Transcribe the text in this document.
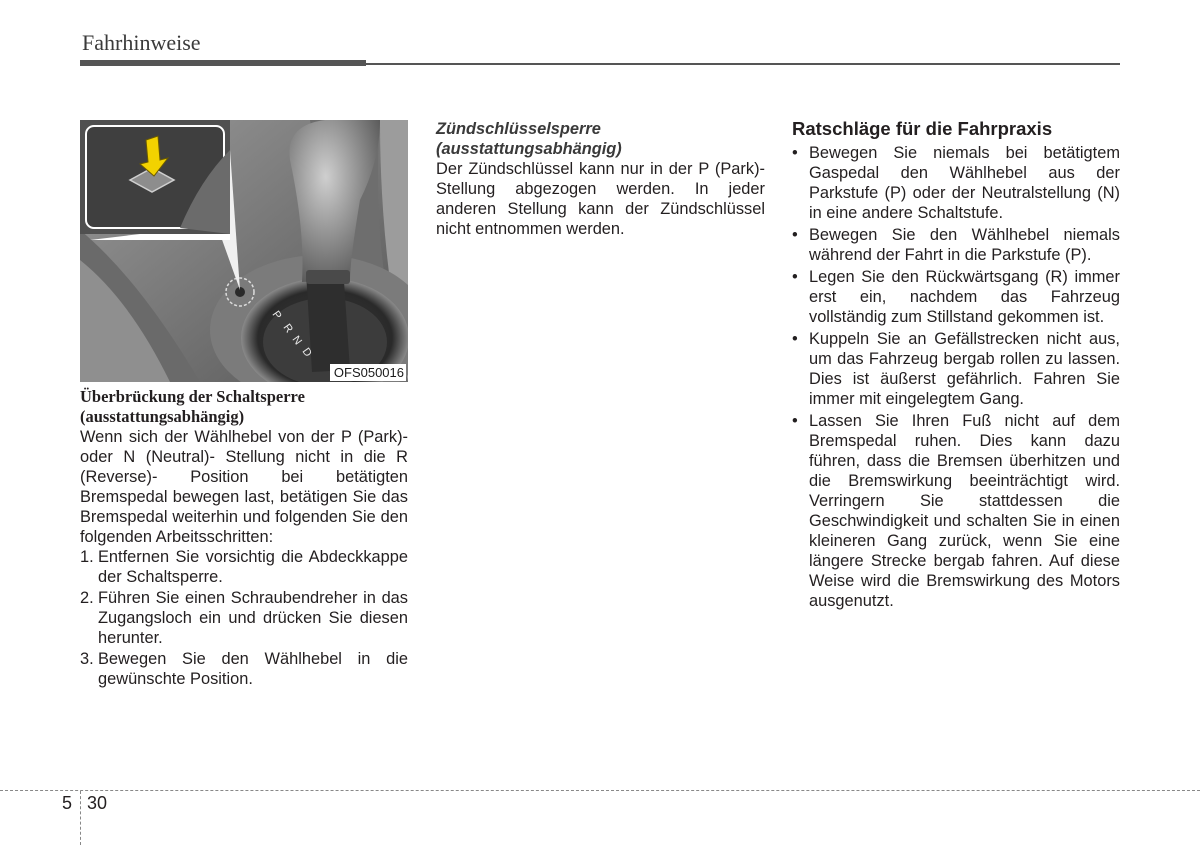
Fahrhinweise
P
R
N
D
OFS050016
Überbrückung der Schaltsperre
(ausstattungsabhängig)

Wenn sich der Wählhebel von der P (Park)- oder N (Neutral)- Stellung nicht in die R (Reverse)- Position bei betätigten Bremspedal bewegen last, betätigen Sie das Bremspedal weiterhin und folgenden Sie den folgenden Arbeitsschritten:

1. Entfernen Sie vorsichtig die Abdeckkappe der Schaltsperre.
2. Führen Sie einen Schraubendreher in das Zugangsloch ein und drücken Sie diesen herunter.
3. Bewegen Sie den Wählhebel in die gewünschte Position.
Zündschlüsselsperre
(ausstattungsabhängig)

Der Zündschlüssel kann nur in der P (Park)- Stellung abgezogen werden. In jeder anderen Stellung kann der Zündschlüssel nicht entnommen werden.

Ratschläge für die Fahrpraxis
• Bewegen Sie niemals bei betätigtem Gaspedal den Wählhebel aus der Parkstufe (P) oder der Neutralstellung (N) in eine andere Schaltstufe.
• Bewegen Sie den Wählhebel niemals während der Fahrt in die Parkstufe (P).
• Legen Sie den Rückwärtsgang (R) immer erst ein, nachdem das Fahrzeug vollständig zum Stillstand gekommen ist.
• Kuppeln Sie an Gefällstrecken nicht aus, um das Fahrzeug bergab rollen zu lassen. Dies ist äußerst gefährlich. Fahren Sie immer mit eingelegtem Gang.
• Lassen Sie Ihren Fuß nicht auf dem Bremspedal ruhen. Dies kann dazu führen, dass die Bremsen überhitzen und die Bremswirkung beeinträchtigt wird. Verringern Sie stattdessen die Geschwindigkeit und schalten Sie in einen kleineren Gang zurück, wenn Sie eine längere Strecke bergab fahren. Auf diese Weise wird die Bremswirkung des Motors ausgenutzt.
5 30
